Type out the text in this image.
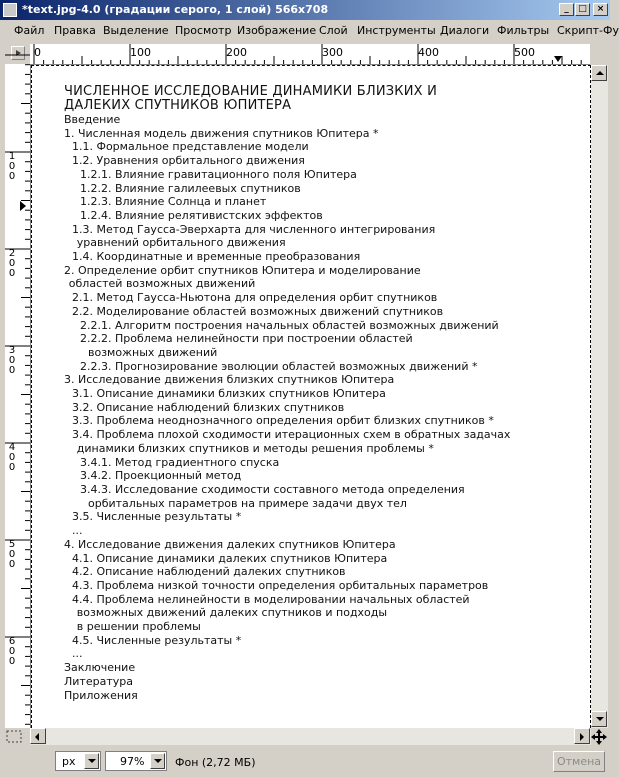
*text.jpg-4.0 (градации серого, 1 слой) 566x708	_	□	×
Файл Правка Выделение Просмотр Изображение Слой Инструменты Диалоги Фильтры Скрипт-Фу
0	100	200	300	400	500
1
0
0
2
0
0
3
0
0
4
0
0
5
0
0
6
0
0
ЧИСЛЕННОЕ ИССЛЕДОВАНИЕ ДИНАМИКИ БЛИЗКИХ И
ДАЛЕКИХ СПУТНИКОВ ЮПИТЕРА
Введение
1. Численная модель движения спутников Юпитера *
1.1. Формальное представление модели
1.2. Уравнения орбитального движения
1.2.1. Влияние гравитационного поля Юпитера
1.2.2. Влияние галилеевых спутников
1.2.3. Влияние Солнца и планет
1.2.4. Влияние релятивистских эффектов
1.3. Метод Гаусса-Эверхарта для численного интегрирования
уравнений орбитального движения
1.4. Координатные и временные преобразования
2. Определение орбит спутников Юпитера и моделирование
областей возможных движений
2.1. Метод Гаусса-Ньютона для определения орбит спутников
2.2. Моделирование областей возможных движений спутников
2.2.1. Алгоритм построения начальных областей возможных движений
2.2.2. Проблема нелинейности при построении областей
возможных движений
2.2.3. Прогнозирование эволюции областей возможных движений *
3. Исследование движения близких спутников Юпитера
3.1. Описание динамики близких спутников Юпитера
3.2. Описание наблюдений близких спутников
3.3. Проблема неоднозначного определения орбит близких спутников *
3.4. Проблема плохой сходимости итерационных схем в обратных задачах
динамики близких спутников и методы решения проблемы *
3.4.1. Метод градиентного спуска
3.4.2. Проекционный метод
3.4.3. Исследование сходимости составного метода определения
орбитальных параметров на примере задачи двух тел
3.5. Численные результаты *
...
4. Исследование движения далеких спутников Юпитера
4.1. Описание динамики далеких спутников Юпитера
4.2. Описание наблюдений далеких спутников
4.3. Проблема низкой точности определения орбитальных параметров
4.4. Проблема нелинейности в моделировании начальных областей
возможных движений далеких спутников и подходы
в решении проблемы
4.5. Численные результаты *
...
Заключение
Литература
Приложения
px	97%	Фон (2,72 МБ)	Отмена
